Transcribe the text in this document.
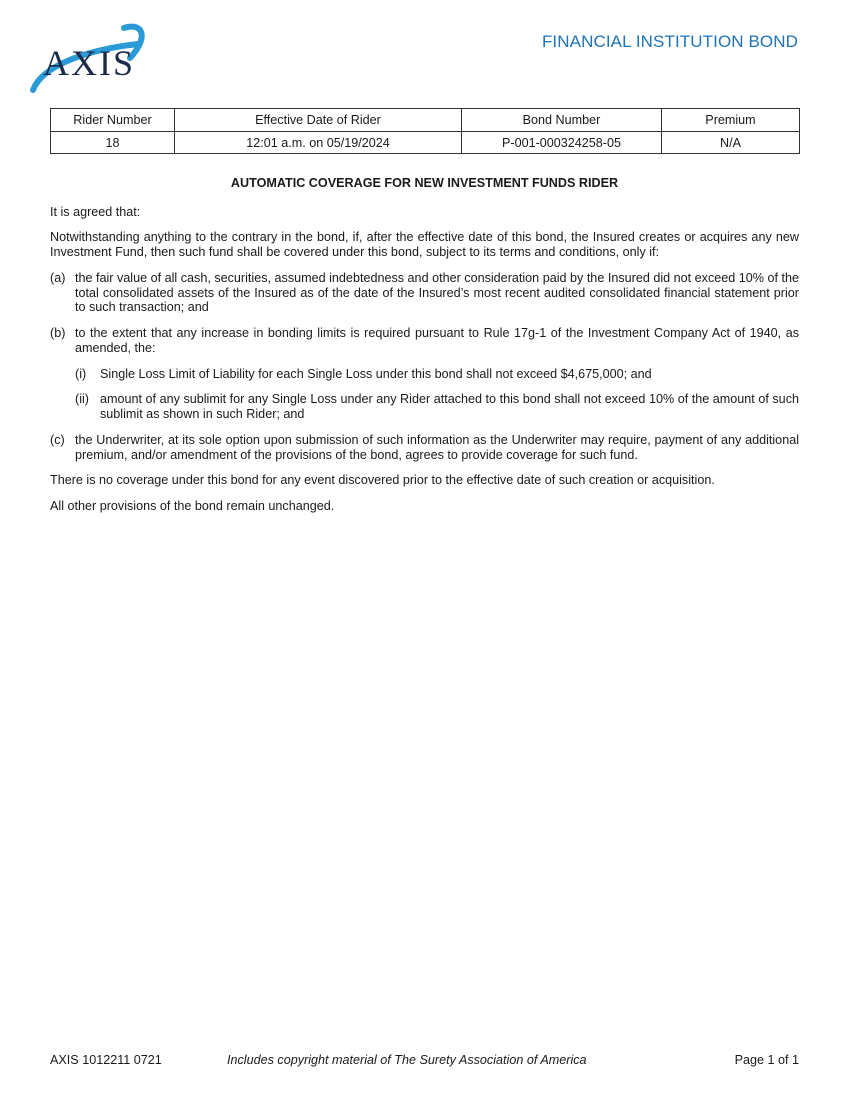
AXIS
FINANCIAL INSTITUTION BOND
Rider Number	Effective Date of Rider	Bond Number	Premium
18	12:01 a.m. on 05/19/2024	P-001-000324258-05	N/A
AUTOMATIC COVERAGE FOR NEW INVESTMENT FUNDS RIDER

It is agreed that:

Notwithstanding anything to the contrary in the bond, if, after the effective date of this bond, the Insured creates or acquires any new Investment Fund, then such fund shall be covered under this bond, subject to its terms and conditions, only if:

(a) the fair value of all cash, securities, assumed indebtedness and other consideration paid by the Insured did not exceed 10% of the total consolidated assets of the Insured as of the date of the Insured’s most recent audited consolidated financial statement prior to such transaction; and
(b) to the extent that any increase in bonding limits is required pursuant to Rule 17g-1 of the Investment Company Act of 1940, as amended, the:
(i)	Single Loss Limit of Liability for each Single Loss under this bond shall not exceed $4,675,000; and
(ii) amount of any sublimit for any Single Loss under any Rider attached to this bond shall not exceed 10% of the amount of such sublimit as shown in such Rider; and
(c) the Underwriter, at its sole option upon submission of such information as the Underwriter may require, payment of any additional premium, and/or amendment of the provisions of the bond, agrees to provide coverage for such fund.

There is no coverage under this bond for any event discovered prior to the effective date of such creation or acquisition.

All other provisions of the bond remain unchanged.

AXIS 1012211 0721	Includes copyright material of The Surety Association of America	Page 1 of 1
